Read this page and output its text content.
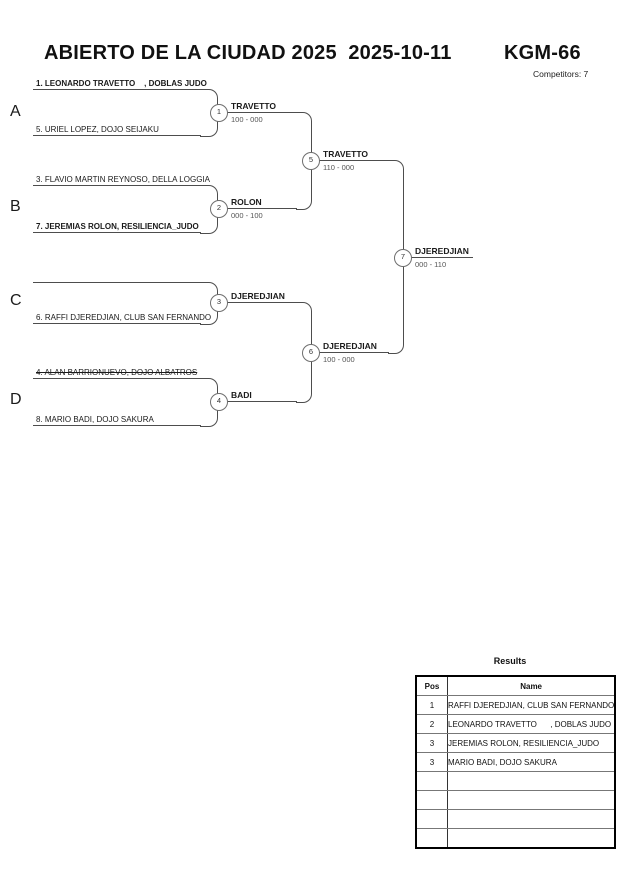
ABIERTO DE LA CIUDAD 2025  2025-10-11	KGM-66
Competitors: 7
A
B
C
D
1
2
3
4
5
6
7
1. LEONARDO TRAVETTO    , DOBLAS JUDO
5. URIEL LOPEZ, DOJO SEIJAKU
3. FLAVIO MARTIN REYNOSO, DELLA LOGGIA
7. JEREMIAS ROLON, RESILIENCIA_JUDO
6. RAFFI DJEREDJIAN, CLUB SAN FERNANDO
4. ALAN BARRIONUEVO, DOJO ALBATROS
8. MARIO BADI, DOJO SAKURA
TRAVETTO
100 - 000
ROLON
000 - 100
DJEREDJIAN
BADI
TRAVETTO
110 - 000
DJEREDJIAN
100 - 000
DJEREDJIAN
000 - 110
Results
Pos	Name
1	RAFFI DJEREDJIAN, CLUB SAN FERNANDO
2	LEONARDO TRAVETTO      , DOBLAS JUDO
3	JEREMIAS ROLON, RESILIENCIA_JUDO
3	MARIO BADI, DOJO SAKURA
